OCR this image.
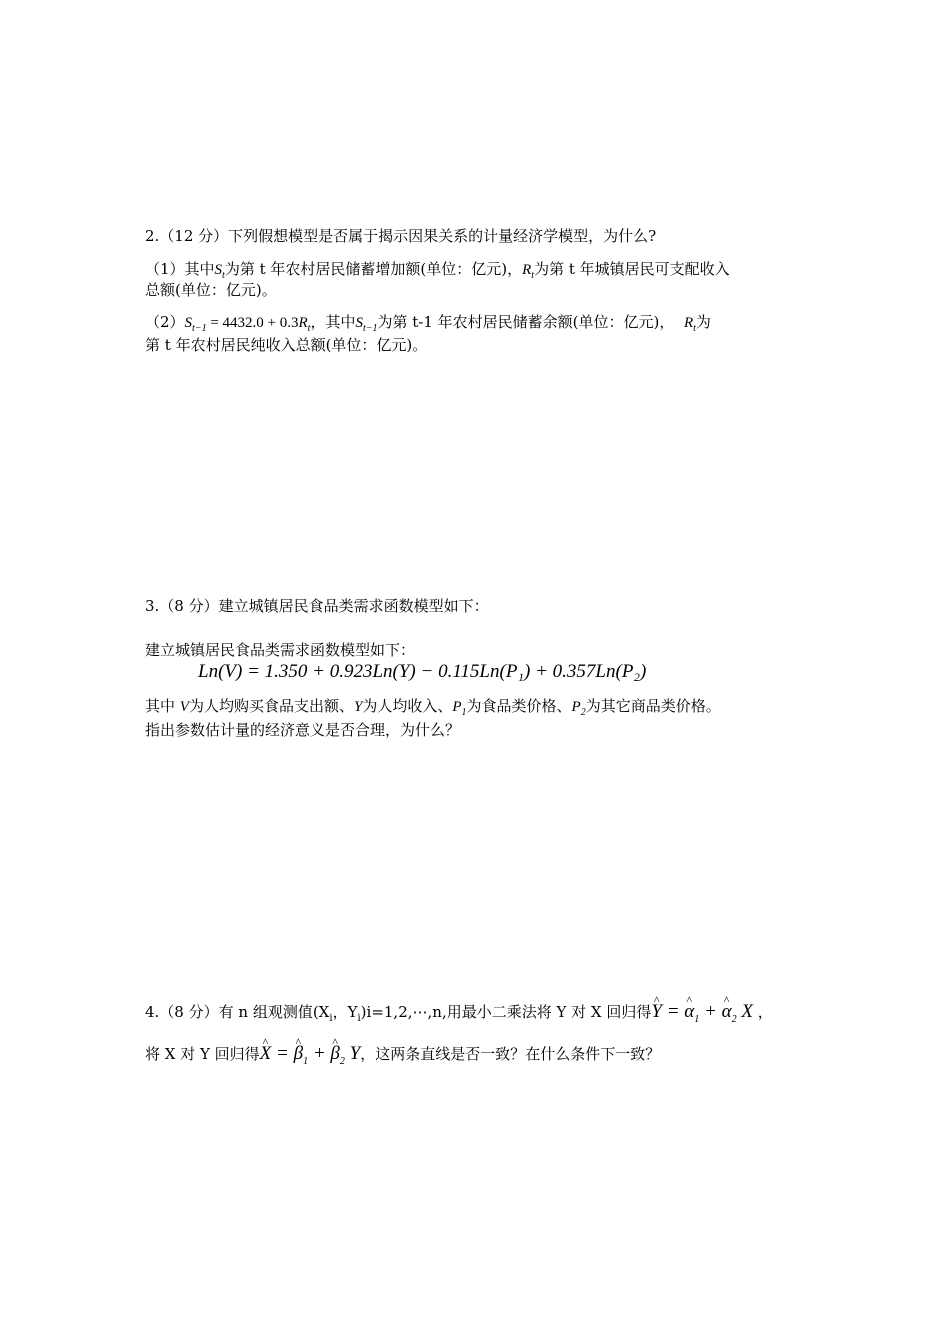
2.（12 分）下列假想模型是否属于揭示因果关系的计量经济学模型，为什么?
（1）其中$S_t$为第 t 年农村居民储蓄增加额(单位：亿元)，$R_t$为第 t 年城镇居民可支配收入
总额(单位：亿元)。
$(2)S_{t-1} = 4432.0 + 0.3R_t$，其中$S_{t-1}$为第 t-1 年农村居民储蓄余额(单位：亿元)， $R_t$为
第 t 年农村居民纯收入总额(单位：亿元)。
3.（8 分）建立城镇居民食品类需求函数模型如下：
建立城镇居民食品类需求函数模型如下：
Ln(V) = 1.350 + 0.923Ln(Y) − 0.115Ln(P₁) + 0.357Ln(P₂)
其中 V为人均购买食品支出额、Y为人均收入、$P_1$为食品类价格、$P_2$为其它商品类价格。
指出参数估计量的经济意义是否合理，为什么？
4.（8 分）有 n 组观测值($X_i$，$Y_i)i=1,2,\cdots,n$,用最小二乘法将 Y 对 X 回归得^ Y = ^ $\alpha_1$ + ^ $\alpha_2$ X ，
将 X 对 Y 回归得^ X = ^ $\beta_1$ + ^ $\beta_2$ Y，这两条直线是否一致？在什么条件下一致？
